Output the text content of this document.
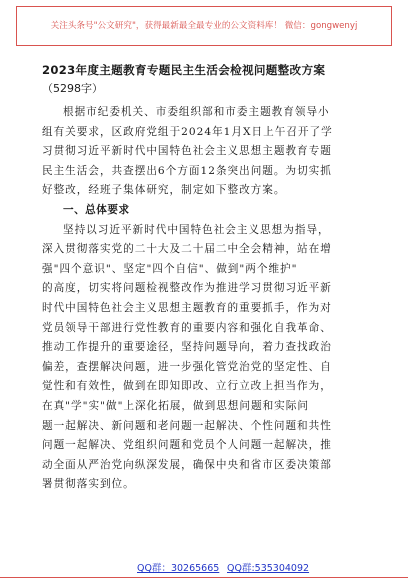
关注头条号"公文研究"，获得最新最全最专业的公文资料库！ 微信：gongwenyj
2023年度主题教育专题民主生活会检视问题整改方案
（5298字）
根据市纪委机关、市委组织部和市委主题教育领导小
组有关要求，区政府党组于2024年1月X日上午召开了学
习贯彻习近平新时代中国特色社会主义思想主题教育专题
民主生活会，共查摆出6个方面12条突出问题。为切实抓
好整改，经班子集体研究，制定如下整改方案。
一、总体要求
坚持以习近平新时代中国特色社会主义思想为指导，
深入贯彻落实党的二十大及二十届二中全会精神，站在增
强"四个意识"、坚定"四个自信"、做到"两个维护"
的高度，切实将问题检视整改作为推进学习贯彻习近平新
时代中国特色社会主义思想主题教育的重要抓手，作为对
党员领导干部进行党性教育的重要内容和强化自我革命、
推动工作提升的重要途径，坚持问题导向，着力查找政治
偏差，查摆解决问题，进一步强化管党治党的坚定性、自
觉性和有效性，做到在即知即改、立行立改上担当作为，
在真"学"实"做"上深化拓展，做到思想问题和实际问
题一起解决、新问题和老问题一起解决、个性问题和共性
问题一起解决、党组织问题和党员个人问题一起解决，推
动全面从严治党向纵深发展，确保中央和省市区委决策部
署贯彻落实到位。
QQ群：30265665 QQ群:535304092
